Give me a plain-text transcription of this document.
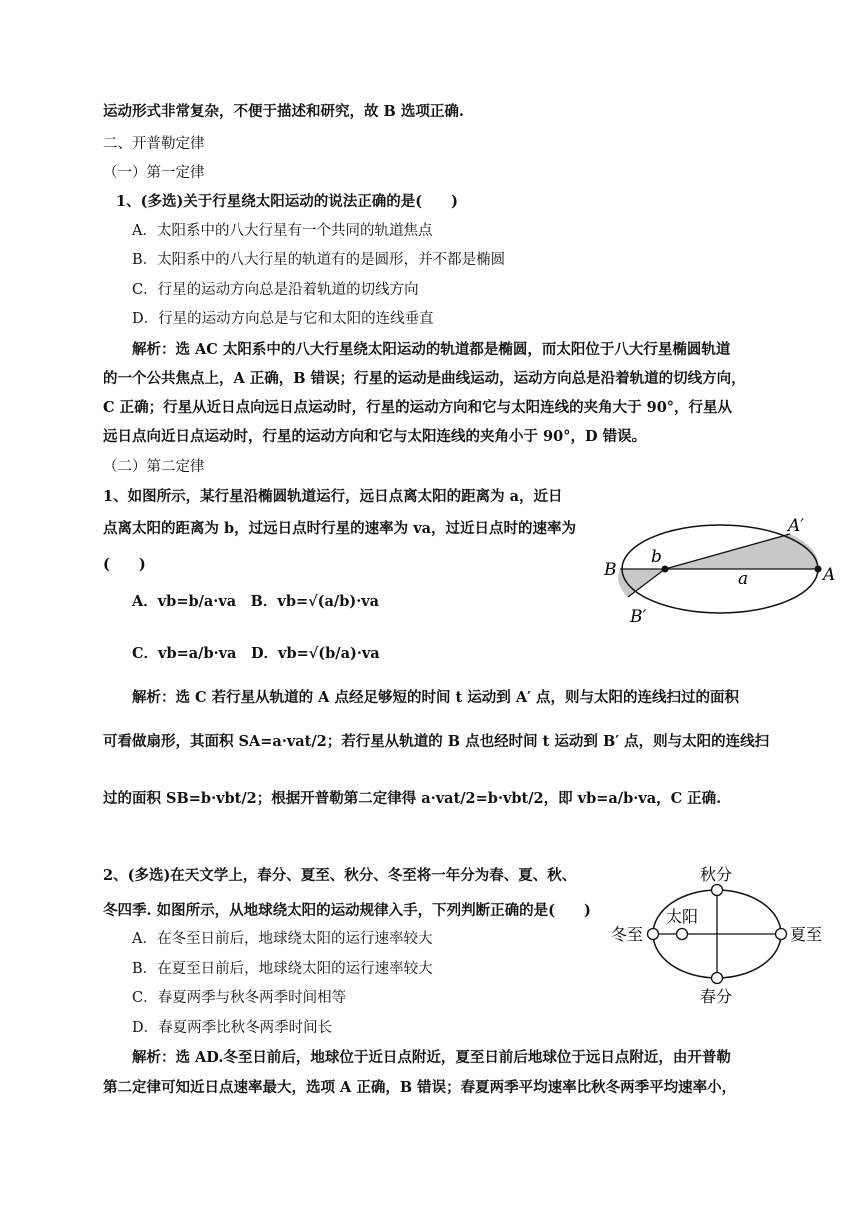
运动形式非常复杂，不便于描述和研究，故 B 选项正确.
二、开普勒定律
（一）第一定律
1、(多选)关于行星绕太阳运动的说法正确的是(　　)
A．太阳系中的八大行星有一个共同的轨道焦点
B．太阳系中的八大行星的轨道有的是圆形，并不都是椭圆
C．行星的运动方向总是沿着轨道的切线方向
D．行星的运动方向总是与它和太阳的连线垂直
解析：选 AC 太阳系中的八大行星绕太阳运动的轨道都是椭圆，而太阳位于八大行星椭圆轨道
的一个公共焦点上，A 正确，B 错误；行星的运动是曲线运动，运动方向总是沿着轨道的切线方向，
C 正确；行星从近日点向远日点运动时，行星的运动方向和它与太阳连线的夹角大于 90°，行星从
远日点向近日点运动时，行星的运动方向和它与太阳连线的夹角小于 90°，D 错误。
（二）第二定律
1、如图所示，某行星沿椭圆轨道运行，远日点离太阳的距离为 a，近日
点离太阳的距离为 b，过远日点时行星的速率为 va，过近日点时的速率为
(　　)
A．vb=b/a·va　B．vb=√(a/b)·va
C．vb=a/b·va　D．vb=√(b/a)·va
解析：选 C 若行星从轨道的 A 点经足够短的时间 t 运动到 A′ 点，则与太阳的连线扫过的面积
可看做扇形，其面积 SA=a·vat/2；若行星从轨道的 B 点也经时间 t 运动到 B′ 点，则与太阳的连线扫
过的面积 SB=b·vbt/2；根据开普勒第二定律得 a·vat/2=b·vbt/2，即 vb=a/b·va，C 正确.
B
b
A
A′
a
B′
2、(多选)在天文学上，春分、夏至、秋分、冬至将一年分为春、夏、秋、
冬四季. 如图所示，从地球绕太阳的运动规律入手，下列判断正确的是(　　)
A．在冬至日前后，地球绕太阳的运行速率较大
B．在夏至日前后，地球绕太阳的运行速率较大
C．春夏两季与秋冬两季时间相等
D．春夏两季比秋冬两季时间长
解析：选 AD.冬至日前后，地球位于近日点附近，夏至日前后地球位于远日点附近，由开普勒
第二定律可知近日点速率最大，选项 A 正确，B 错误；春夏两季平均速率比秋冬两季平均速率小，
秋分
太阳
冬至	夏至
春分
